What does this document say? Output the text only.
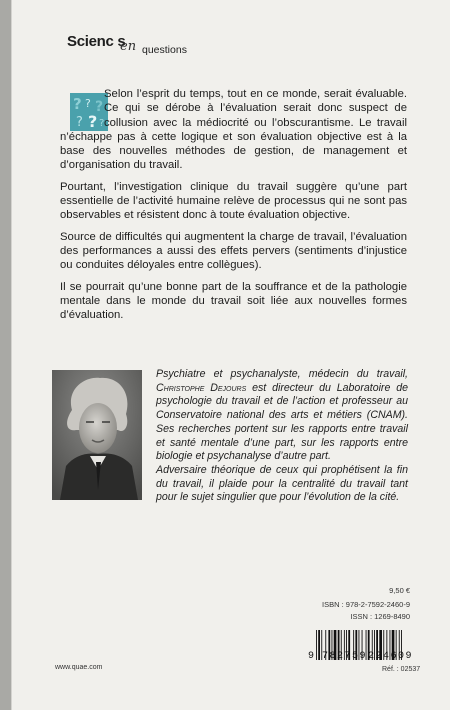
Scienc s
en questions
? ? ?
? ? ?

Selon l’esprit du temps, tout en ce monde, serait évaluable. Ce qui se dérobe à l’évaluation serait donc suspect de collusion avec la médiocrité ou l’obscurantisme. Le travail n’échappe pas à cette logique et son évaluation objective est à la base des nouvelles méthodes de gestion, de management et d’organisation du travail.

Pourtant, l’investigation clinique du travail suggère qu’une part essentielle de l’activité humaine relève de processus qui ne sont pas observables et résistent donc à toute évaluation objective.

Source de difficultés qui augmentent la charge de travail, l’évaluation des performances a aussi des effets pervers (sentiments d’injustice ou conduites déloyales entre collègues).

Il se pourrait qu’une bonne part de la souffrance et de la pathologie mentale dans le monde du travail soit liée aux nouvelles formes d’évaluation.

Psychiatre et psychanalyste, médecin du travail, Christophe Dejours est directeur du Laboratoire de psychologie du travail et de l’action et professeur au Conservatoire national des arts et métiers (CNAM). Ses recherches portent sur les rapports entre travail et santé mentale d’une part, sur les rapports entre biologie et psychanalyse d’autre part.
Adversaire théorique de ceux qui prophétisent la fin du travail, il plaide pour la centralité du travail tant pour le sujet singulier que pour l’évolution de la cité.
9,50 €
ISBN : 978-2-7592-2460-9
ISSN : 1269-8490
9 782759 224609
Réf. : 02537
www.quae.com
